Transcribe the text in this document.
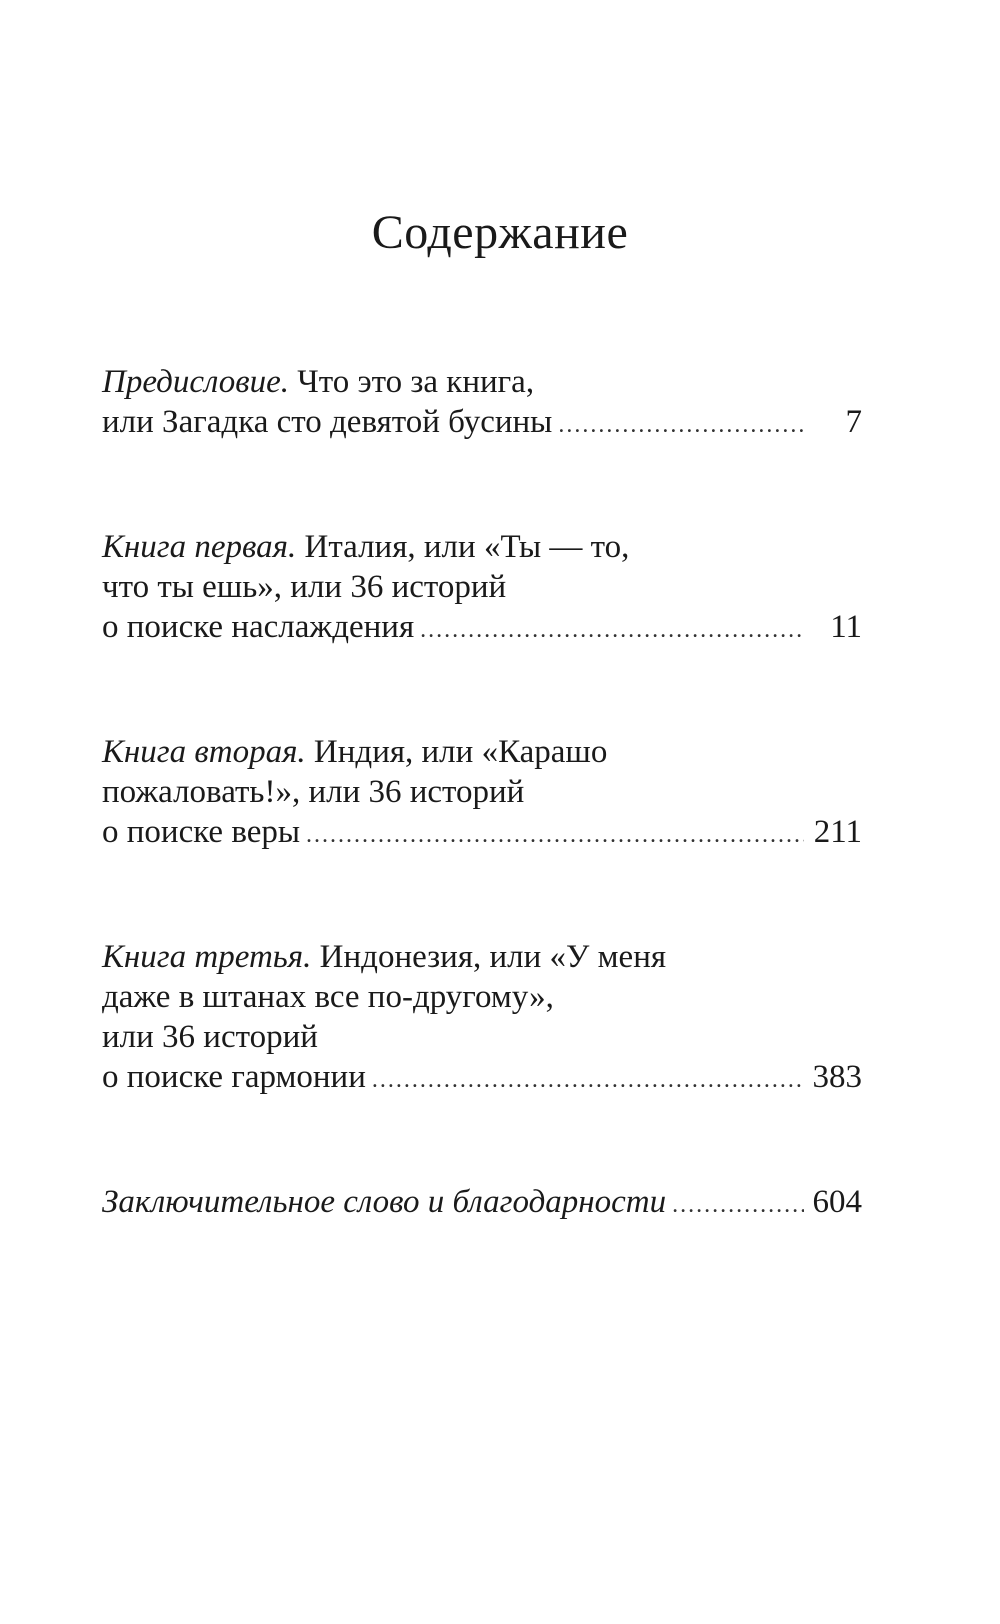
Содержание
Предисловие. Что это за книга,
или Загадка сто девятой бусины . . .	7
Книга первая. Италия, или «Ты — то,
что ты ешь», или 36 историй
о поиске наслаждения . . .	11
Книга вторая. Индия, или «Карашо
пожаловать!», или 36 историй
о поиске веры . . .	211
Книга третья. Индонезия, или «У меня
даже в штанах все по-другому»,
или 36 историй
о поиске гармонии . . .	383
Заключительное слово и благодарности . . .	604
